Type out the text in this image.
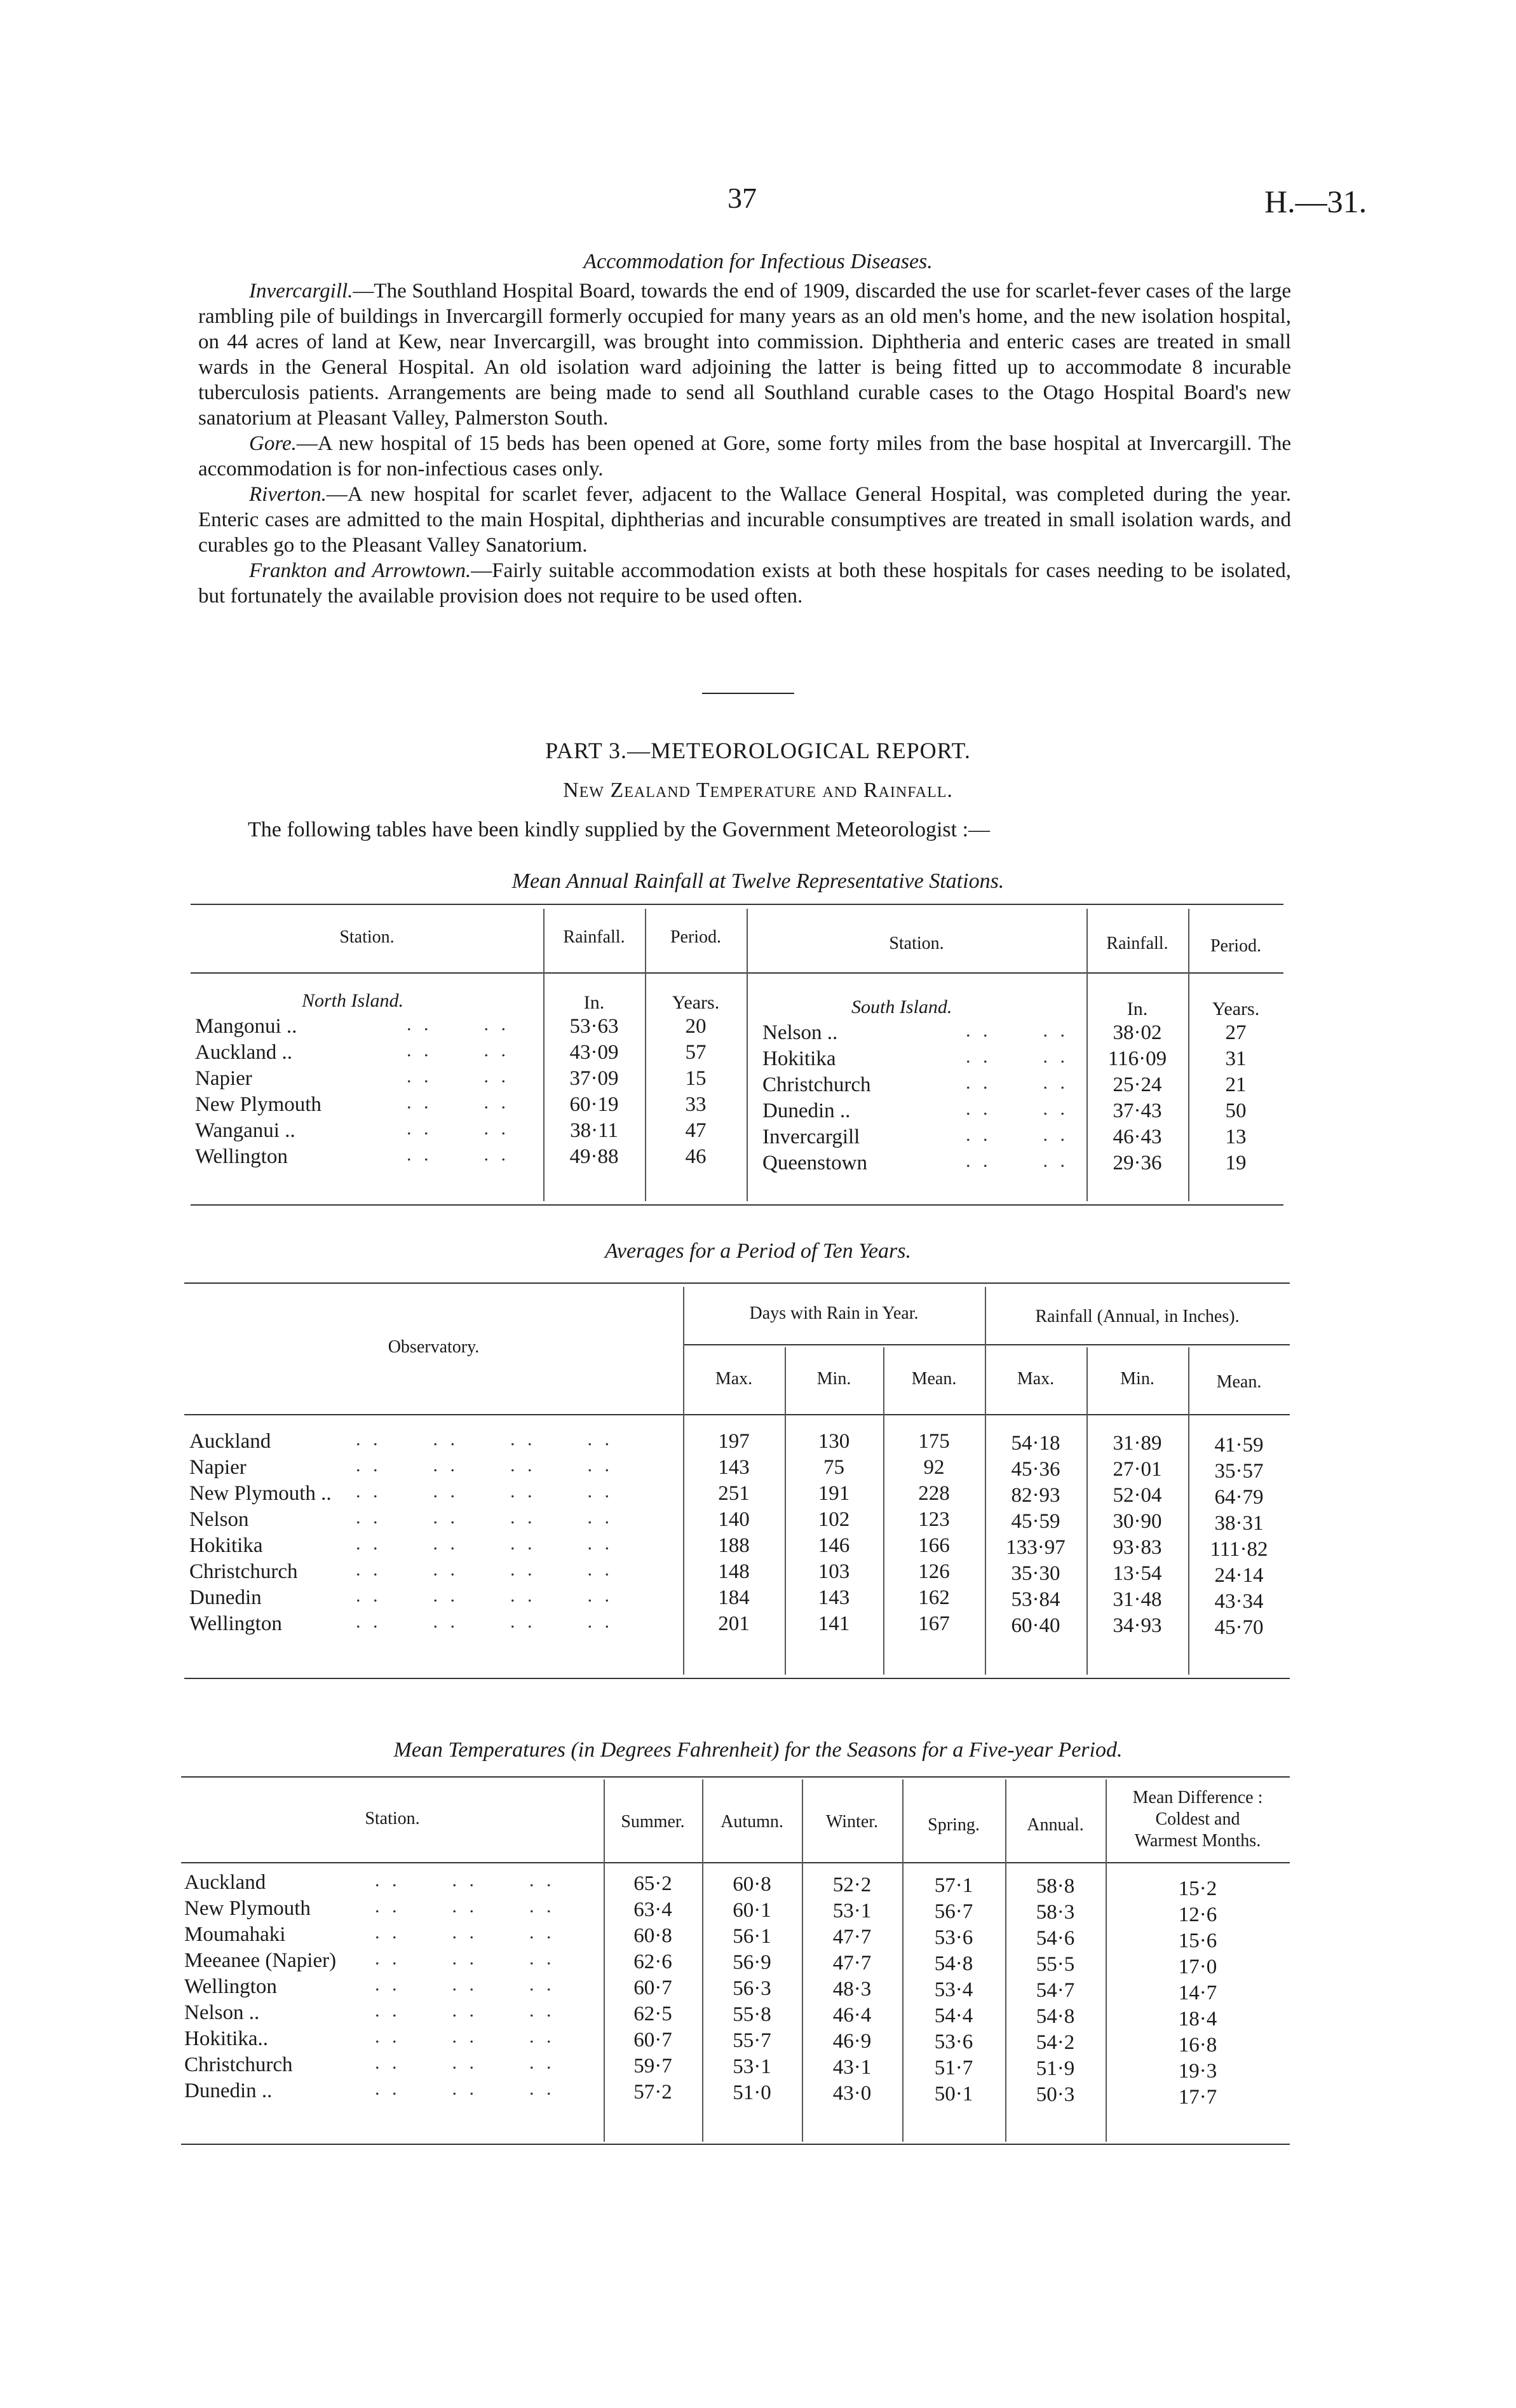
37	H.—31.
Accommodation for Infectious Diseases.

Invercargill.—The Southland Hospital Board, towards the end of 1909, discarded the use for scarlet-fever cases of the large rambling pile of buildings in Invercargill formerly occupied for many years as an old men's home, and the new isolation hospital, on 44 acres of land at Kew, near Invercargill, was brought into commission. Diphtheria and enteric cases are treated in small wards in the General Hospital. An old isolation ward adjoining the latter is being fitted up to accommodate 8 incurable tuberculosis patients. Arrangements are being made to send all Southland curable cases to the Otago Hospital Board's new sanatorium at Pleasant Valley, Palmerston South.

Gore.—A new hospital of 15 beds has been opened at Gore, some forty miles from the base hospital at Invercargill. The accommodation is for non-infectious cases only.

Riverton.—A new hospital for scarlet fever, adjacent to the Wallace General Hospital, was completed during the year. Enteric cases are admitted to the main Hospital, diphtherias and incurable consumptives are treated in small isolation wards, and curables go to the Pleasant Valley Sanatorium.

Frankton and Arrowtown.—Fairly suitable accommodation exists at both these hospitals for cases needing to be isolated, but fortunately the available provision does not require to be used often.

PART 3.—METEOROLOGICAL REPORT.
New Zealand Temperature and Rainfall.
The following tables have been kindly supplied by the Government Meteorologist :—
Mean Annual Rainfall at Twelve Representative Stations.
Station.	Rainfall.	Period.	Station.	Rainfall.	Period.
North Island.	In.	Years.	South Island.	In.	Years.
Mangonui ..	. .      . .	53·63	20
Auckland ..	. .      . .	43·09	57
Napier	. .      . .	37·09	15
New Plymouth	. .      . .	60·19	33
Wanganui ..	. .      . .	38·11	47
Wellington	. .      . .	49·88	46
Nelson ..	. .      . .	38·02	27
Hokitika	. .      . .	116·09	31
Christchurch	. .      . .	25·24	21
Dunedin ..	. .      . .	37·43	50
Invercargill	. .      . .	46·43	13
Queenstown	. .      . .	29·36	19
Averages for a Period of Ten Years.
Observatory.
Days with Rain in Year.	Rainfall (Annual, in Inches).
Max.	Min.	Mean.	Max.	Min.	Mean.
Auckland	. .      . .      . .      . .	197	130	175	54·18	31·89	41·59
Napier	. .      . .      . .      . .	143	75	92	45·36	27·01	35·57
New Plymouth .. . .      . .      . .      . .	251	191	228	82·93	52·04	64·79
Nelson	. .      . .      . .      . .	140	102	123	45·59	30·90	38·31
Hokitika	. .      . .      . .      . .	188	146	166	133·97	93·83	111·82
Christchurch	. .      . .      . .      . .	148	103	126	35·30	13·54	24·14
Dunedin	. .      . .      . .      . .	184	143	162	53·84	31·48	43·34
Wellington	. .      . .      . .      . .	201	141	167	60·40	34·93	45·70
Mean Temperatures (in Degrees Fahrenheit) for the Seasons for a Five-year Period.
Station.	Summer.	Autumn.	Winter.	Spring.	Annual.
Mean Difference :
Coldest and
Warmest Months.
Auckland	. .      . .      . .	65·2	60·8	52·2	57·1	58·8	15·2
New Plymouth	. .      . .      . .	63·4	60·1	53·1	56·7	58·3	12·6
Moumahaki	. .      . .      . .	60·8	56·1	47·7	53·6	54·6	15·6
Meeanee (Napier) . .      . .      . .	62·6	56·9	47·7	54·8	55·5	17·0
Wellington	. .      . .      . .	60·7	56·3	48·3	53·4	54·7	14·7
Nelson ..	. .      . .      . .	62·5	55·8	46·4	54·4	54·8	18·4
Hokitika..	. .      . .      . .	60·7	55·7	46·9	53·6	54·2	16·8
Christchurch	. .      . .      . .	59·7	53·1	43·1	51·7	51·9	19·3
Dunedin ..	. .      . .      . .	57·2	51·0	43·0	50·1	50·3	17·7
